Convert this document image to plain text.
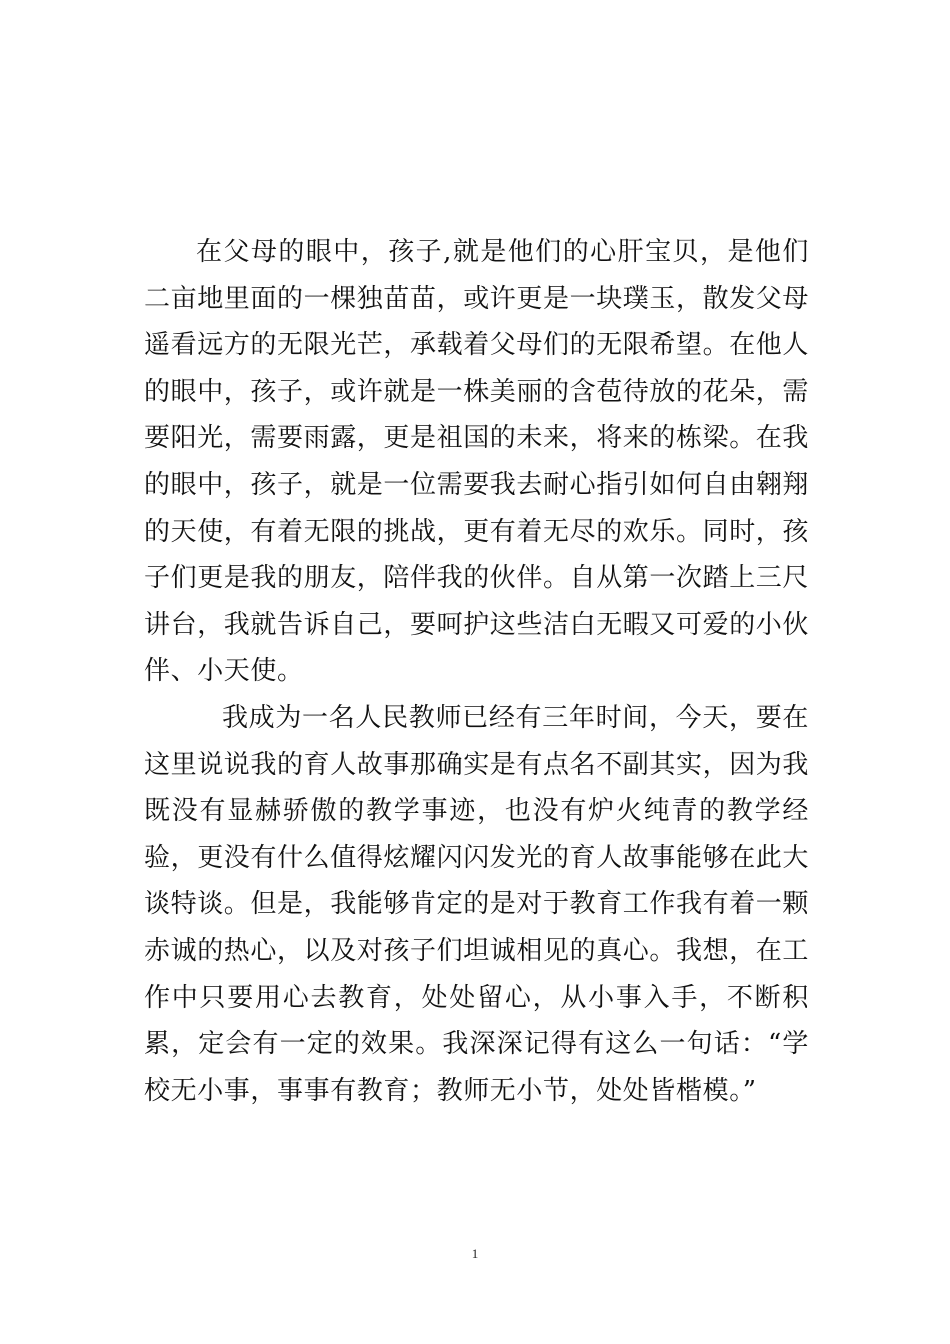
在父母的眼中，孩子,就是他们的心肝宝贝，是他们二亩地里面的一棵独苗苗，或许更是一块璞玉，散发父母遥看远方的无限光芒，承载着父母们的无限希望。在他人的眼中，孩子，或许就是一株美丽的含苞待放的花朵，需要阳光，需要雨露，更是祖国的未来，将来的栋梁。在我的眼中，孩子，就是一位需要我去耐心指引如何自由翱翔的天使，有着无限的挑战，更有着无尽的欢乐。同时，孩子们更是我的朋友，陪伴我的伙伴。自从第一次踏上三尺讲台，我就告诉自己，要呵护这些洁白无暇又可爱的小伙伴、小天使。

我成为一名人民教师已经有三年时间，今天，要在这里说说我的育人故事那确实是有点名不副其实，因为我既没有显赫骄傲的教学事迹，也没有炉火纯青的教学经验，更没有什么值得炫耀闪闪发光的育人故事能够在此大谈特谈。但是，我能够肯定的是对于教育工作我有着一颗赤诚的热心，以及对孩子们坦诚相见的真心。我想，在工作中只要用心去教育，处处留心，从小事入手，不断积累，定会有一定的效果。我深深记得有这么一句话：“学校无小事，事事有教育；教师无小节，处处皆楷模。”

1
